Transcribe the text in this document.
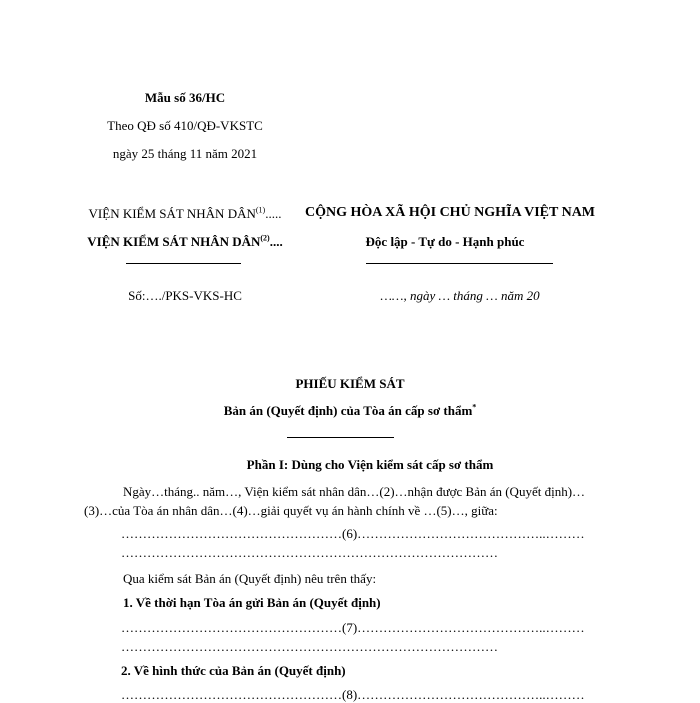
Mẫu số 36/HC
Theo QĐ số 410/QĐ-VKSTC
ngày 25 tháng 11 năm 2021
VIỆN KIỂM SÁT NHÂN DÂN$^{(1)}$.....
VIỆN KIỂM SÁT NHÂN DÂN$^{(2)}$....
Số:…./PKS-VKS-HC
CỘNG HÒA XÃ HỘI CHỦ NGHĨA VIỆT NAM
Độc lập - Tự do - Hạnh phúc
……, ngày … tháng … năm 20
PHIẾU KIỂM SÁT
Bản án (Quyết định) của Tòa án cấp sơ thẩm*
Phần I: Dùng cho Viện kiểm sát cấp sơ thẩm
Ngày…tháng.. năm…, Viện kiểm sát nhân dân…(2)…nhận được Bản án (Quyết định)…
(3)…của Tòa án nhân dân…(4)…giải quyết vụ án hành chính về …(5)…, giữa:
……………………………………………(6)……………………………………..………
……………………………………………………………………………
Qua kiểm sát Bản án (Quyết định) nêu trên thấy:
1. Về thời hạn Tòa án gửi Bản án (Quyết định)
……………………………………………(7)……………………………………..………
……………………………………………………………………………
2. Về hình thức của Bản án (Quyết định)
……………………………………………(8)……………………………………..………
